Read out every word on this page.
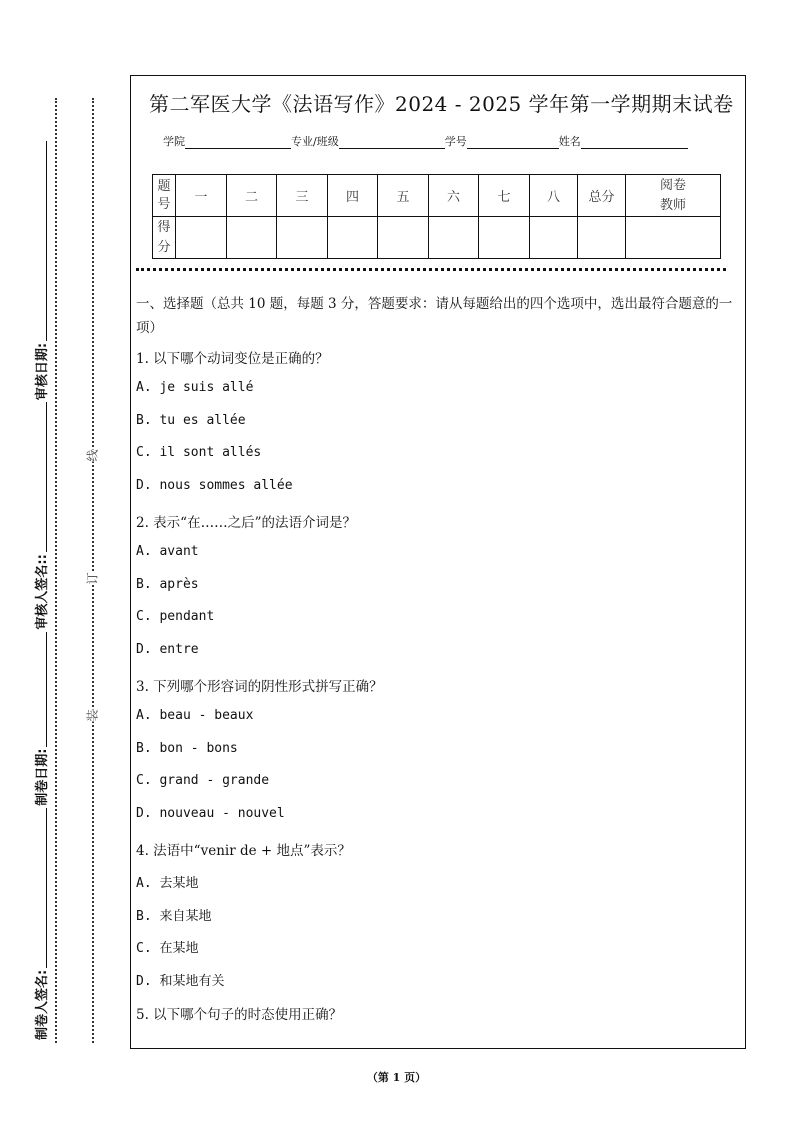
制卷人签名:
制卷日期:
审核人签名::
审核日期:
装
订
线
第二军医大学《法语写作》2024 - 2025 学年第一学期期末试卷
学院	专业/班级	学号	姓名
题号	一	二	三	四	五	六	七	八	总分	阅卷教师
得分										
一、选择题（总共 10 题，每题 3 分，答题要求：请从每题给出的四个选项中，选出最符合题意的一项）
1. 以下哪个动词变位是正确的？
A. je suis allé
B. tu es allée
C. il sont allés
D. nous sommes allée
2. 表示“在……之后”的法语介词是？
A. avant
B. après
C. pendant
D. entre
3. 下列哪个形容词的阴性形式拼写正确？
A. beau - beaux
B. bon - bons
C. grand - grande
D. nouveau - nouvel
4. 法语中“venir de + 地点”表示？
A. 去某地
B. 来自某地
C. 在某地
D. 和某地有关
5. 以下哪个句子的时态使用正确？
（第 1 页）
